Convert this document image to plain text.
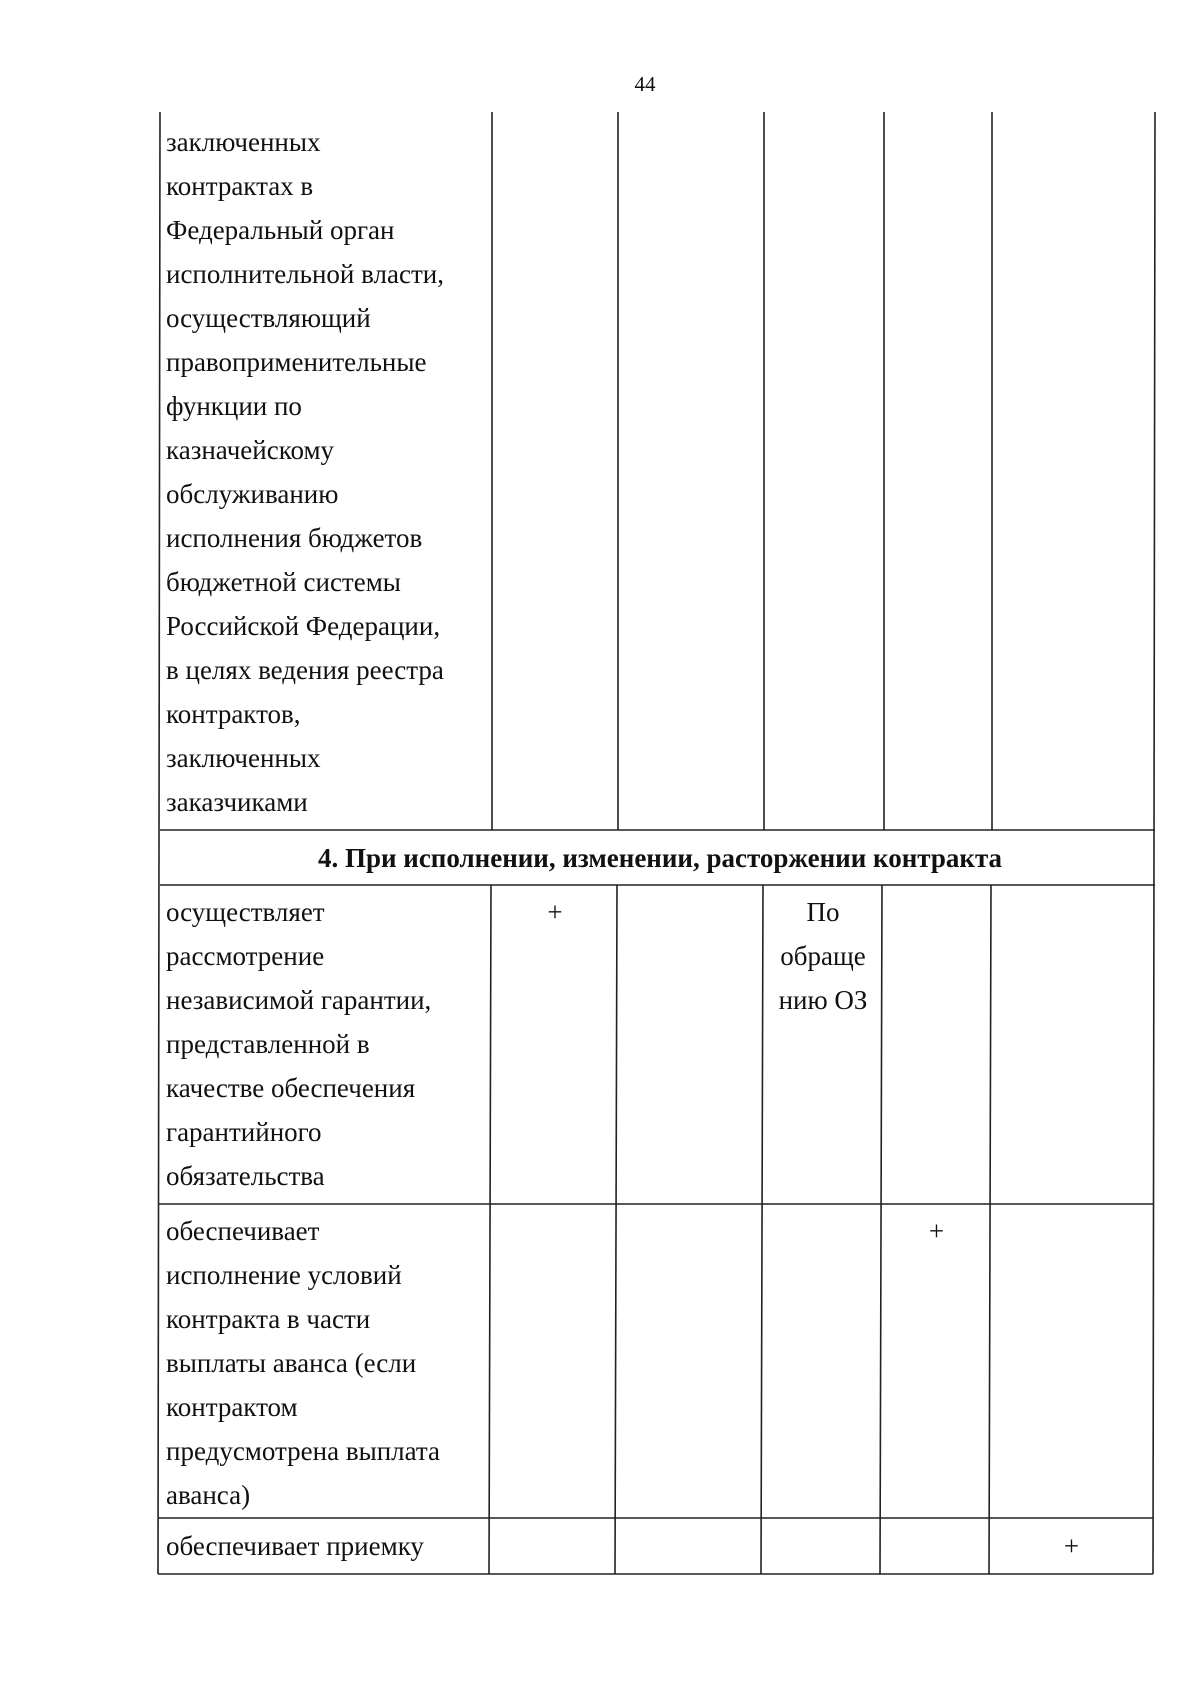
44
заключенных
контрактах в
Федеральный орган
исполнительной власти,
осуществляющий
правоприменительные
функции по
казначейскому
обслуживанию
исполнения бюджетов
бюджетной системы
Российской Федерации,
в целях ведения реестра
контрактов,
заключенных
заказчиками
4. При исполнении, изменении, расторжении контракта
осуществляет
рассмотрение
независимой гарантии,
представленной в
качестве обеспечения
гарантийного
обязательства
+	По
обраще
нию ОЗ
обеспечивает
исполнение условий
контракта в части
выплаты аванса (если
контрактом
предусмотрена выплата
аванса)
+
обеспечивает приемку	+
